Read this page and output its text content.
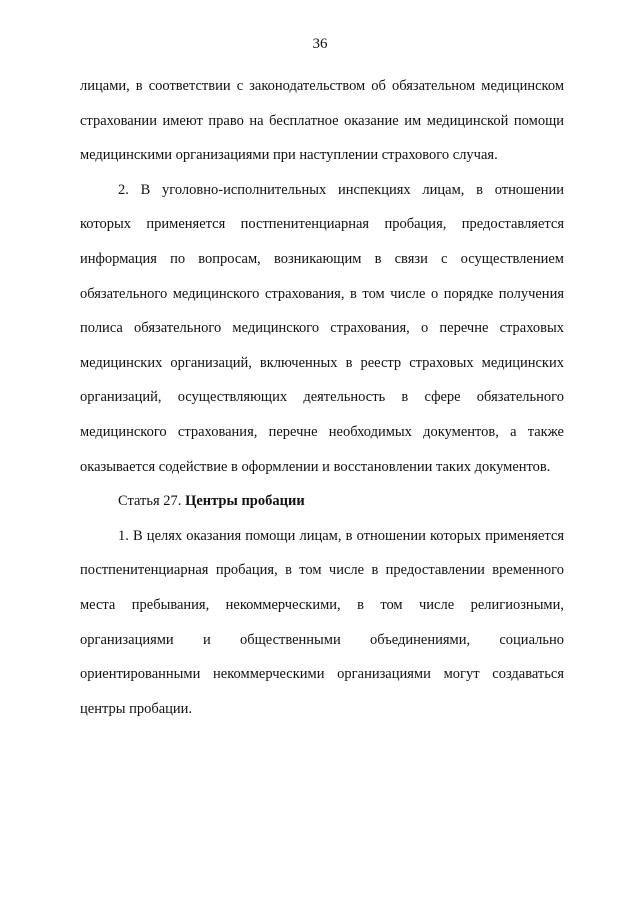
36

лицами, в соответствии с законодательством об обязательном медицинском страховании имеют право на бесплатное оказание им медицинской помощи медицинскими организациями при наступлении страхового случая.

2. В уголовно-исполнительных инспекциях лицам, в отношении которых применяется постпенитенциарная пробация, предоставляется информация по вопросам, возникающим в связи с осуществлением обязательного медицинского страхования, в том числе о порядке получения полиса обязательного медицинского страхования, о перечне страховых медицинских организаций, включенных в реестр страховых медицинских организаций, осуществляющих деятельность в сфере обязательного медицинского страхования, перечне необходимых документов, а также оказывается содействие в оформлении и восстановлении таких документов.

Статья 27. Центры пробации

1. В целях оказания помощи лицам, в отношении которых применяется постпенитенциарная пробация, в том числе в предоставлении временного места пребывания, некоммерческими, в том числе религиозными, организациями и общественными объединениями, социально ориентированными некоммерческими организациями могут создаваться центры пробации.
